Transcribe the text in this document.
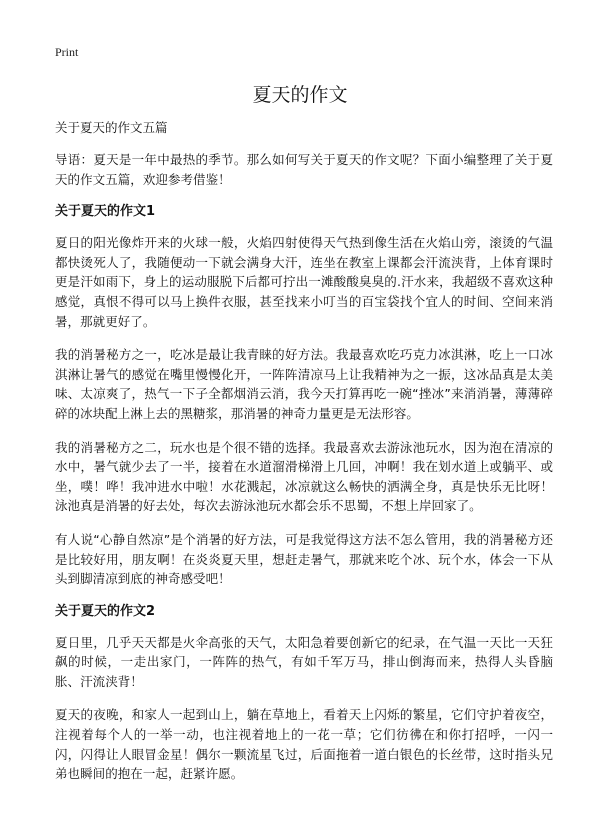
Print
夏天的作文

关于夏天的作文五篇

导语：夏天是一年中最热的季节。那么如何写关于夏天的作文呢？下面小编整理了关于夏天的作文五篇，欢迎参考借鉴！

关于夏天的作文1

夏日的阳光像炸开来的火球一般，火焰四射使得天气热到像生活在火焰山旁，滚烫的气温都快烫死人了，我随便动一下就会满身大汗，连坐在教室上课都会汗流浃背，上体育课时更是汗如雨下，身上的运动服脱下后都可拧出一滩酸酸臭臭的.汗水来，我超级不喜欢这种感觉，真恨不得可以马上换件衣服，甚至找来小叮当的百宝袋找个宜人的时间、空间来消暑，那就更好了。

我的消暑秘方之一，吃冰是最让我青睐的好方法。我最喜欢吃巧克力冰淇淋，吃上一口冰淇淋让暑气的感觉在嘴里慢慢化开，一阵阵清凉马上让我精神为之一振，这冰品真是太美味、太凉爽了，热气一下子全都烟消云消，我今天打算再吃一碗“挫冰”来消消暑，薄薄碎碎的冰块配上淋上去的黑糖浆，那消暑的神奇力量更是无法形容。

我的消暑秘方之二，玩水也是个很不错的选择。我最喜欢去游泳池玩水，因为泡在清凉的水中，暑气就少去了一半，接着在水道溜滑梯滑上几回，冲啊！我在划水道上或躺平、或坐，噗！哗！我冲进水中啦！水花溅起，冰凉就这么畅快的洒满全身，真是快乐无比呀！泳池真是消暑的好去处，每次去游泳池玩水都会乐不思蜀，不想上岸回家了。

有人说“心静自然凉”是个消暑的好方法，可是我觉得这方法不怎么管用，我的消暑秘方还是比较好用，朋友啊！在炎炎夏天里，想赶走暑气，那就来吃个冰、玩个水，体会一下从头到脚清凉到底的神奇感受吧！

关于夏天的作文2

夏日里，几乎天天都是火伞高张的天气，太阳急着要创新它的纪录，在气温一天比一天狂飙的时候，一走出家门，一阵阵的热气，有如千军万马，排山倒海而来，热得人头昏脑胀、汗流浃背！

夏天的夜晚，和家人一起到山上，躺在草地上，看着天上闪烁的繁星，它们守护着夜空，注视着每个人的一举一动，也注视着地上的一花一草；它们彷彿在和你打招呼，一闪一闪，闪得让人眼冒金星！偶尔一颗流星飞过，后面拖着一道白银色的长丝带，这时指头兄弟也瞬间的抱在一起，赶紧许愿。
